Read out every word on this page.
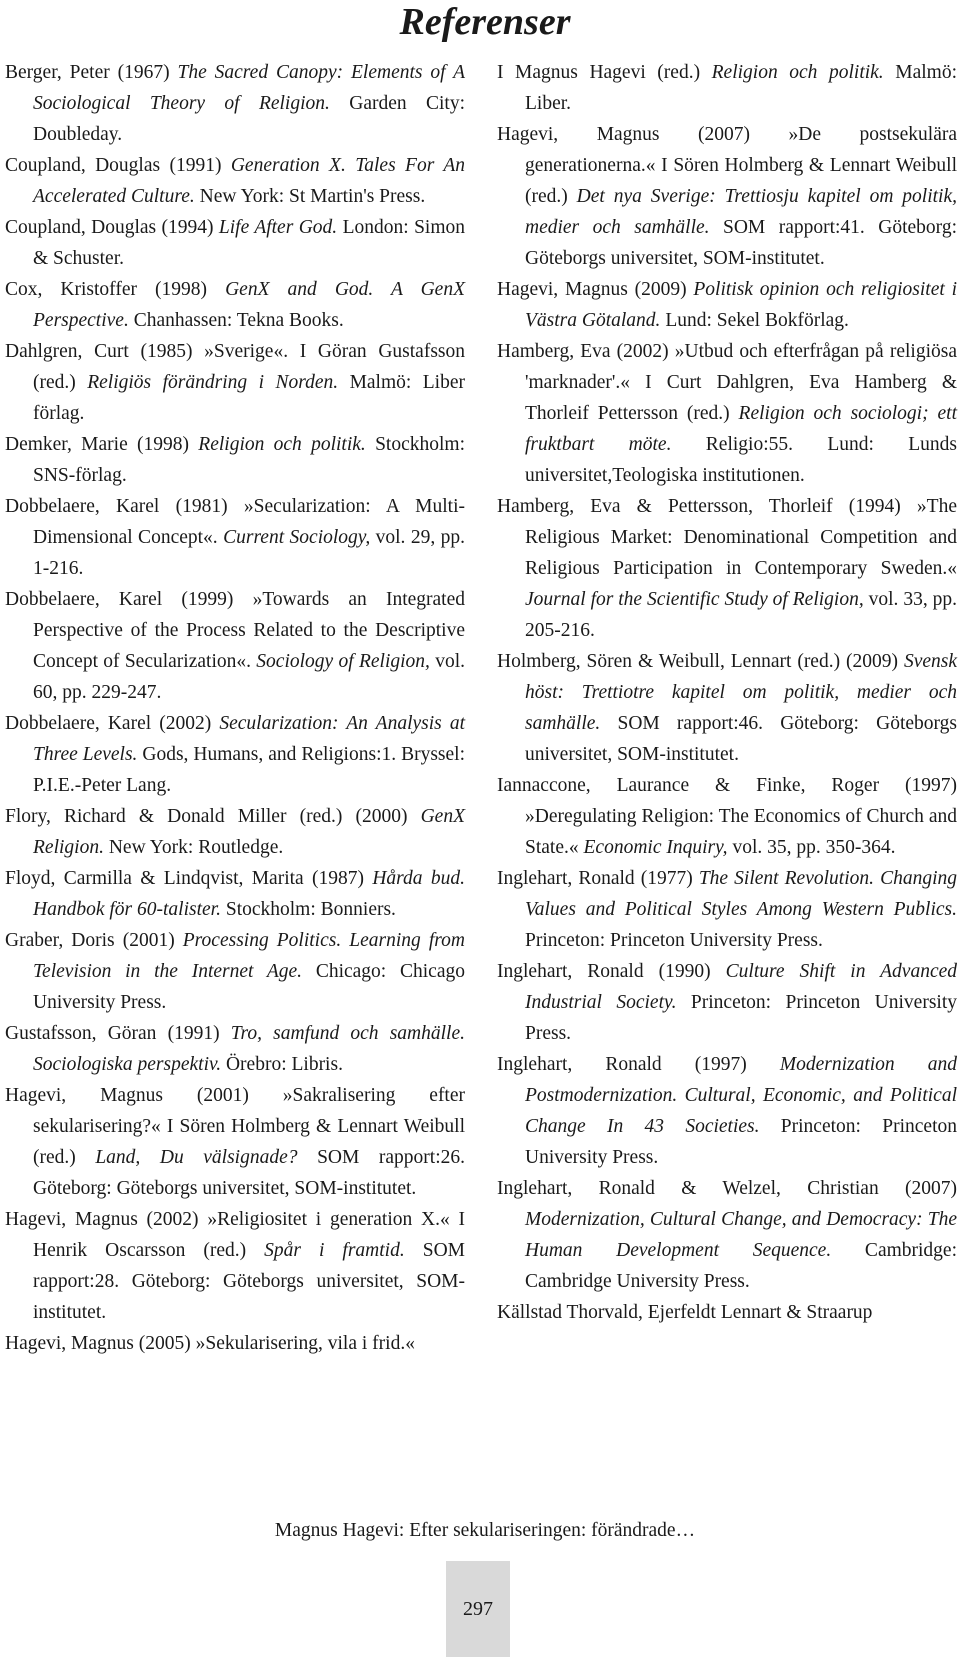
Referenser

Berger, Peter (1967) The Sacred Canopy: Elements of A Sociological Theory of Religion. Garden City: Doubleday.

Coupland, Douglas (1991) Generation X. Tales For An Accelerated Culture. New York: St Martin's Press.

Coupland, Douglas (1994) Life After God. London: Simon & Schuster.

Cox, Kristoffer (1998) GenX and God. A GenX Perspective. Chanhassen: Tekna Books.

Dahlgren, Curt (1985) »Sverige«. I Göran Gustafsson (red.) Religiös förändring i Norden. Malmö: Liber förlag.

Demker, Marie (1998) Religion och politik. Stockholm: SNS-förlag.

Dobbelaere, Karel (1981) »Secularization: A Multi-Dimensional Concept«. Current Sociology, vol. 29, pp. 1-216.

Dobbelaere, Karel (1999) »Towards an Integrated Perspective of the Process Related to the Descriptive Concept of Secularization«. Sociology of Religion, vol. 60, pp. 229-247.

Dobbelaere, Karel (2002) Secularization: An Analysis at Three Levels. Gods, Humans, and Religions:1. Bryssel: P.I.E.-Peter Lang.

Flory, Richard & Donald Miller (red.) (2000) GenX Religion. New York: Routledge.

Floyd, Carmilla & Lindqvist, Marita (1987) Hårda bud. Handbok för 60-talister. Stockholm: Bonniers.

Graber, Doris (2001) Processing Politics. Learning from Television in the Internet Age. Chicago: Chicago University Press.

Gustafsson, Göran (1991) Tro, samfund och samhälle. Sociologiska perspektiv. Örebro: Libris.

Hagevi, Magnus (2001) »Sakralisering efter sekularisering?« I Sören Holmberg & Lennart Weibull (red.) Land, Du välsignade? SOM rapport:26. Göteborg: Göteborgs universitet, SOM-institutet.

Hagevi, Magnus (2002) »Religiositet i generation X.« I Henrik Oscarsson (red.) Spår i framtid. SOM rapport:28. Göteborg: Göteborgs universitet, SOM-institutet.

Hagevi, Magnus (2005) »Sekularisering, vila i frid.«

I Magnus Hagevi (red.) Religion och politik. Malmö: Liber.

Hagevi, Magnus (2007) »De postsekulära generationerna.« I Sören Holmberg & Lennart Weibull (red.) Det nya Sverige: Trettiosju kapitel om politik, medier och samhälle. SOM rapport:41. Göteborg: Göteborgs universitet, SOM-institutet.

Hagevi, Magnus (2009) Politisk opinion och religiositet i Västra Götaland. Lund: Sekel Bokförlag.

Hamberg, Eva (2002) »Utbud och efterfrågan på religiösa 'marknader'.« I Curt Dahlgren, Eva Hamberg & Thorleif Pettersson (red.) Religion och sociologi; ett fruktbart möte. Religio:55. Lund: Lunds universitet,Teologiska institutionen.

Hamberg, Eva & Pettersson, Thorleif (1994) »The Religious Market: Denominational Competition and Religious Participation in Contemporary Sweden.« Journal for the Scientific Study of Religion, vol. 33, pp. 205-216.

Holmberg, Sören & Weibull, Lennart (red.) (2009) Svensk höst: Trettiotre kapitel om politik, medier och samhälle. SOM rapport:46. Göteborg: Göteborgs universitet, SOM-institutet.

Iannaccone, Laurance & Finke, Roger (1997) »Deregulating Religion: The Economics of Church and State.« Economic Inquiry, vol. 35, pp. 350-364.

Inglehart, Ronald (1977) The Silent Revolution. Changing Values and Political Styles Among Western Publics. Princeton: Princeton University Press.

Inglehart, Ronald (1990) Culture Shift in Advanced Industrial Society. Princeton: Princeton University Press.

Inglehart, Ronald (1997) Modernization and Postmodernization. Cultural, Economic, and Political Change In 43 Societies. Princeton: Princeton University Press.

Inglehart, Ronald & Welzel, Christian (2007) Modernization, Cultural Change, and Democracy: The Human Development Sequence. Cambridge: Cambridge University Press.

Källstad Thorvald, Ejerfeldt Lennart & Straarup

Magnus Hagevi: Efter sekulariseringen: förändrade…
297
